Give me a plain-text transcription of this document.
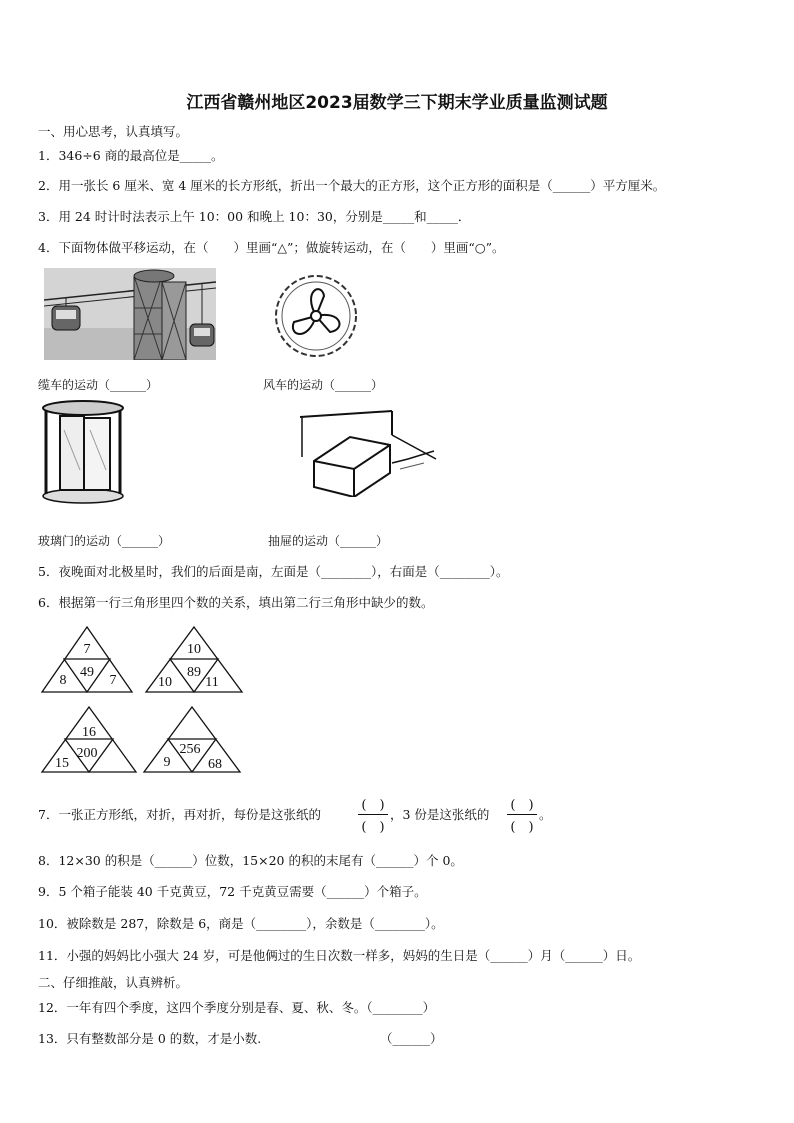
江西省赣州地区2023届数学三下期末学业质量监测试题
一、用心思考，认真填写。
1．346÷6 商的最高位是_____。
2．用一张长 6 厘米、宽 4 厘米的长方形纸，折出一个最大的正方形，这个正方形的面积是（______）平方厘米。
3．用 24 时计时法表示上午 10：00 和晚上 10：30，分别是_____和_____．
4．下面物体做平移运动，在（　　）里画“△”；做旋转运动，在（　　）里画“○”。
缆车的运动（______）	风车的运动（______）
玻璃门的运动（______）	抽屉的运动（______）
5．夜晚面对北极星时，我们的后面是南，左面是（________），右面是（________）。
6．根据第一行三角形里四个数的关系，填出第二行三角形中缺少的数。
7
49
8	7
10
89
10 11
16
200
15
256
9	68
7．一张正方形纸，对折，再对折，每份是这张纸的
(　)
(　)
，3 份是这张纸的
(　)
(　)
。
8．12×30 的积是（______）位数，15×20 的积的末尾有（______）个 0。
9．5 个箱子能装 40 千克黄豆，72 千克黄豆需要（______）个箱子。
10．被除数是 287，除数是 6，商是（________），余数是（________）。
11．小强的妈妈比小强大 24 岁，可是他俩过的生日次数一样多，妈妈的生日是（______）月（______）日。
二、仔细推敲，认真辨析。
12．一年有四个季度，这四个季度分别是春、夏、秋、冬。（________）
13．只有整数部分是 0 的数，才是小数.	（______）
